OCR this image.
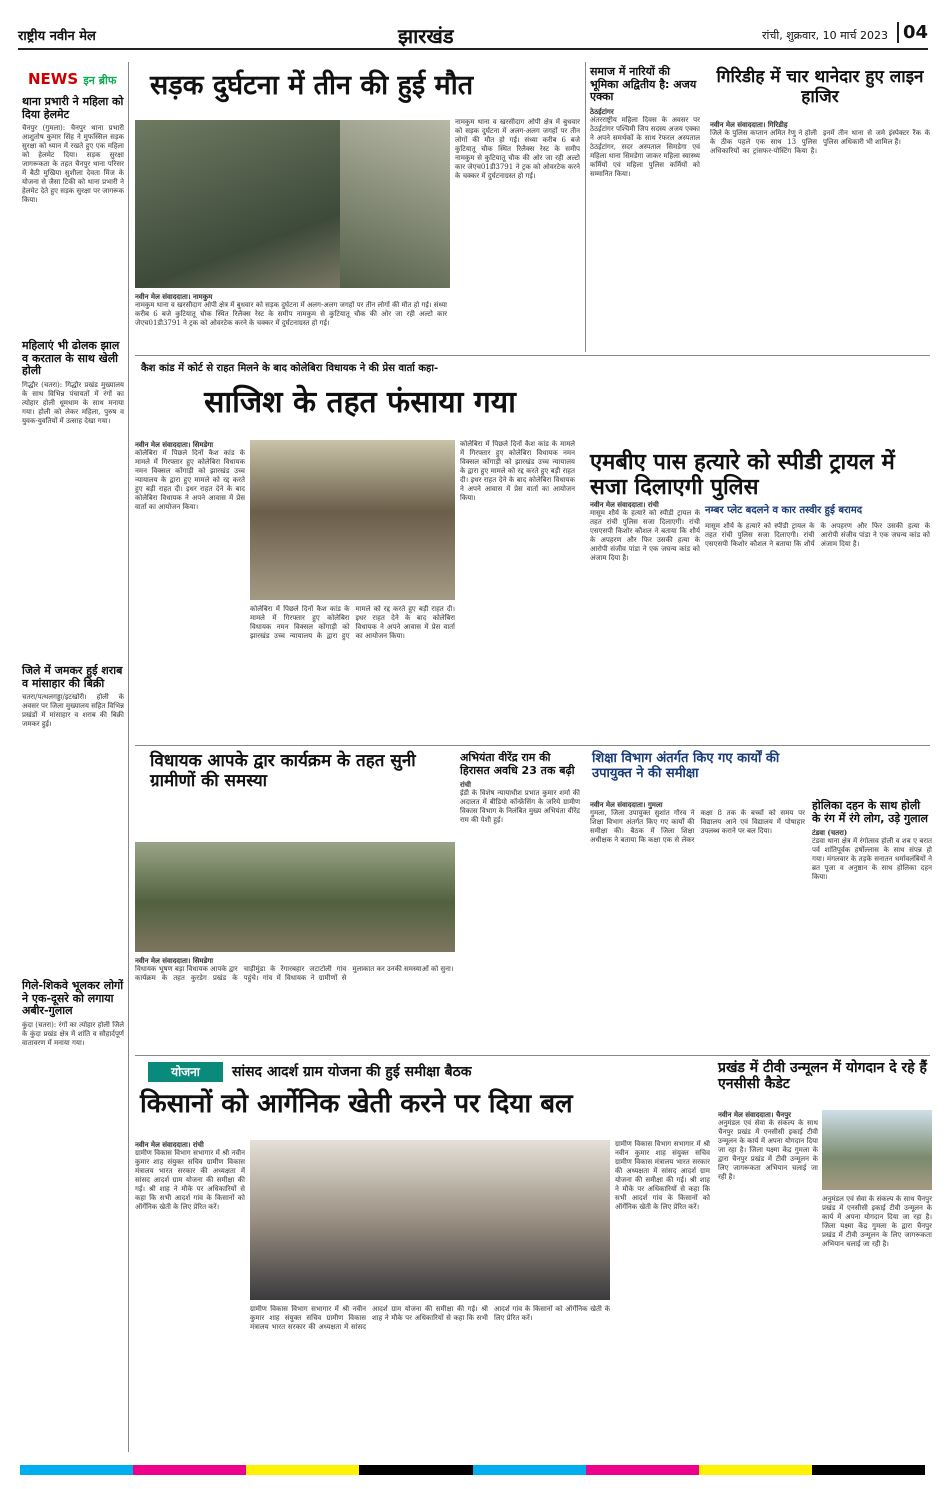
राष्ट्रीय नवीन मेल	झारखंड	रांची, शुक्रवार, 10 मार्च 2023 04
NEWS इन ब्रीफ
थाना प्रभारी ने महिला को दिया हेलमेट
चैनपुर (गुमला): चैनपुर थाना प्रभारी आशुतोष कुमार सिंह ने मुफस्सिल सड़क सुरक्षा को ध्यान में रखते हुए एक महिला को हेलमेट दिया। सड़क सुरक्षा जागरूकता के तहत चैनपुर थाना परिसर में बैठी मुखिया सुशीला देवता मिंज के योजना से जैसा टिकी को थाना प्रभारी ने हेलमेट देते हुए सड़क सुरक्षा पर जागरूक किया।
महिलाएं भी ढोलक झाल व करताल के साथ खेली होली
गिद्धौर (चतरा): गिद्धौर प्रखंड मुख्यालय के साथ विभिन्न पंचायतों में रंगों का त्योहार होली धूमधाम के साथ मनाया गया। होली को लेकर महिला, पुरुष व युवक-युवतियों में उत्साह देखा गया।
जिले में जमकर हुई शराब व मांसाहार की बिक्री
चतरा/पत्थलगड्डा/इटखोरी। होली के अवसर पर जिला मुख्यालय सहित विभिन्न प्रखंडों में मांसाहार व शराब की बिक्री जमकर हुई।
गिले-शिकवे भूलकर लोगों ने एक-दूसरे को लगाया अबीर-गुलाल
कुंदा (चतरा): रंगों का त्योहार होली जिले के कुंदा प्रखंड क्षेत्र में शांति व सौहार्दपूर्ण वातावरण में मनाया गया।
सड़क दुर्घटना में तीन की हुई मौत
नवीन मेल संवाददाता। नामकुम
नामकुम थाना व खरसीदाग ओपी क्षेत्र में बुधवार को सड़क दुर्घटना में अलग-अलग जगहों पर तीन लोगों की मौत हो गई। संध्या करीब 6 बजे कुटियातू चौक स्थित रिलैक्स रेस्ट के समीप नामकुम से कुटियातू चौक की ओर जा रही अल्टो कार जेएच01डी3791 ने ट्रक को ओवरटेक करने के चक्कर में दुर्घटनाग्रस्त हो गई।
नामकुम थाना व खरसीदाग ओपी क्षेत्र में बुधवार को सड़क दुर्घटना में अलग-अलग जगहों पर तीन लोगों की मौत हो गई। संध्या करीब 6 बजे कुटियातू चौक स्थित रिलैक्स रेस्ट के समीप नामकुम से कुटियातू चौक की ओर जा रही अल्टो कार जेएच01डी3791 ने ट्रक को ओवरटेक करने के चक्कर में दुर्घटनाग्रस्त हो गई।
समाज में नारियों की भूमिका अद्वितीय है: अजय एक्का
ठेठईटांगर
अंतरराष्ट्रीय महिला दिवस के अवसर पर ठेठईटांगर पश्चिमी जिप सदस्य अजय एक्का ने अपने समर्थकों के साथ रेफरल अस्पताल ठेठईटांगर, सदर अस्पताल सिमडेगा एवं महिला थाना सिमडेगा जाकर महिला स्वास्थ्य कर्मियों एवं महिला पुलिस कर्मियों को सम्मानित किया।
गिरिडीह में चार थानेदार हुए लाइन हाजिर
नवीन मेल संवाददाता। गिरिडीह
जिले के पुलिस कप्तान अमित रेणु ने होली के ठीक पहले एक साथ 13 पुलिस अधिकारियों का ट्रांसफर-पोस्टिंग किया है। इनमें तीन थाना से जमे इंस्पेक्टर रैंक के पुलिस अधिकारी भी शामिल हैं।
कैश कांड में कोर्ट से राहत मिलने के बाद कोलेबिरा विधायक ने की प्रेस वार्ता कहा-
साजिश के तहत फंसाया गया
नवीन मेल संवाददाता। सिमडेगा
कोलेबिरा में पिछले दिनों कैश कांड के मामले में गिरफ्तार हुए कोलेबिरा विधायक नमन विक्सल कोंगाड़ी को झारखंड उच्च न्यायालय के द्वारा हुए मामले को रद्द करते हुए बड़ी राहत दी। इधर राहत देने के बाद कोलेबिरा विधायक ने अपने आवास में प्रेस वार्ता का आयोजन किया।
कोलेबिरा में पिछले दिनों कैश कांड के मामले में गिरफ्तार हुए कोलेबिरा विधायक नमन विक्सल कोंगाड़ी को झारखंड उच्च न्यायालय के द्वारा हुए मामले को रद्द करते हुए बड़ी राहत दी। इधर राहत देने के बाद कोलेबिरा विधायक ने अपने आवास में प्रेस वार्ता का आयोजन किया।
कोलेबिरा में पिछले दिनों कैश कांड के मामले में गिरफ्तार हुए कोलेबिरा विधायक नमन विक्सल कोंगाड़ी को झारखंड उच्च न्यायालय के द्वारा हुए मामले को रद्द करते हुए बड़ी राहत दी। इधर राहत देने के बाद कोलेबिरा विधायक ने अपने आवास में प्रेस वार्ता का आयोजन किया।
एमबीए पास हत्यारे को स्पीडी ट्रायल में सजा दिलाएगी पुलिस
नम्बर प्लेट बदलने व कार तस्वीर हुई बरामद
नवीन मेल संवाददाता। रांची
मासूम शौर्य के हत्यारे को स्पीडी ट्रायल के तहत रांची पुलिस सजा दिलाएगी। रांची एसएसपी किशोर कौशल ने बताया कि शौर्य के अपहरण और फिर उसकी हत्या के आरोपी संजीव पांडा ने एक जघन्य कांड को अंजाम दिया है।
मासूम शौर्य के हत्यारे को स्पीडी ट्रायल के तहत रांची पुलिस सजा दिलाएगी। रांची एसएसपी किशोर कौशल ने बताया कि शौर्य के अपहरण और फिर उसकी हत्या के आरोपी संजीव पांडा ने एक जघन्य कांड को अंजाम दिया है।
विधायक आपके द्वार कार्यक्रम के तहत सुनी ग्रामीणों की समस्या
नवीन मेल संवाददाता। सिमडेगा
विधायक भूषण बड़ा विधायक आपके द्वार कार्यक्रम के तहत कुरडेग प्रखंड के चाड़ीमुंडा के रेंगारबहार जटाटोली गांव पहुंचे। गांव में विधायक ने ग्रामीणों से मुलाकात कर उनकी समस्याओं को सुना।
अभियंता वीरेंद्र राम की हिरासत अवधि 23 तक बढ़ी
रांची
ईडी के विशेष न्यायाधीश प्रभात कुमार शर्मा की अदालत में बीडियो कॉन्फ्रेंसिंग के जरिये ग्रामीण विकास विभाग के निलंबित मुख्य अभियंता वीरेंद्र राम की पेशी हुई।
शिक्षा विभाग अंतर्गत किए गए कार्यों की उपायुक्त ने की समीक्षा
नवीन मेल संवाददाता। गुमला
गुमला, जिला उपायुक्त सुशांत गौरव ने शिक्षा विभाग अंतर्गत किए गए कार्यों की समीक्षा की। बैठक में जिला शिक्षा अधीक्षक ने बताया कि कक्षा एक से लेकर कक्षा 8 तक के बच्चों को समय पर विद्यालय आने एवं विद्यालय में पोषाहार उपलब्ध कराने पर बल दिया।
होलिका दहन के साथ होली के रंग में रंगे लोग, उड़े गुलाल
टंडवा (चतरा)
टंडवा थाना क्षेत्र में रंगोत्सव होली व शब ए बरात पर्व शांतिपूर्वक हर्षोल्लास के साथ संपन्न हो गया। मंगलवार के तड़के सनातन धर्मावलंबियों ने ब्रत पूजा व अनुष्ठान के साथ होलिका दहन किया।
योजना	सांसद आदर्श ग्राम योजना की हुई समीक्षा बैठक
किसानों को आर्गेनिक खेती करने पर दिया बल
नवीन मेल संवाददाता। रांची
ग्रामीण विकास विभाग सभागार में श्री नवीन कुमार शाह संयुक्त सचिव ग्रामीण विकास मंत्रालय भारत सरकार की अध्यक्षता में सांसद आदर्श ग्राम योजना की समीक्षा की गई। श्री शाह ने मौके पर अधिकारियों से कहा कि सभी आदर्श गांव के किसानों को ऑर्गेनिक खेती के लिए प्रेरित करें।
ग्रामीण विकास विभाग सभागार में श्री नवीन कुमार शाह संयुक्त सचिव ग्रामीण विकास मंत्रालय भारत सरकार की अध्यक्षता में सांसद आदर्श ग्राम योजना की समीक्षा की गई। श्री शाह ने मौके पर अधिकारियों से कहा कि सभी आदर्श गांव के किसानों को ऑर्गेनिक खेती के लिए प्रेरित करें।
ग्रामीण विकास विभाग सभागार में श्री नवीन कुमार शाह संयुक्त सचिव ग्रामीण विकास मंत्रालय भारत सरकार की अध्यक्षता में सांसद आदर्श ग्राम योजना की समीक्षा की गई। श्री शाह ने मौके पर अधिकारियों से कहा कि सभी आदर्श गांव के किसानों को ऑर्गेनिक खेती के लिए प्रेरित करें।
प्रखंड में टीवी उन्मूलन में योगदान दे रहे हैं एनसीसी कैडेट
नवीन मेल संवाददाता। चैनपुर
अनुमंडल एवं सेवा के संकल्प के साथ चैनपुर प्रखंड में एनसीसी इकाई टीवी उन्मूलन के कार्य में अपना योगदान दिया जा रहा है। जिला यक्ष्मा केंद्र गुमला के द्वारा चैनपुर प्रखंड में टीवी उन्मूलन के लिए जागरूकता अभियान चलाई जा रही है।
अनुमंडल एवं सेवा के संकल्प के साथ चैनपुर प्रखंड में एनसीसी इकाई टीवी उन्मूलन के कार्य में अपना योगदान दिया जा रहा है। जिला यक्ष्मा केंद्र गुमला के द्वारा चैनपुर प्रखंड में टीवी उन्मूलन के लिए जागरूकता अभियान चलाई जा रही है।
